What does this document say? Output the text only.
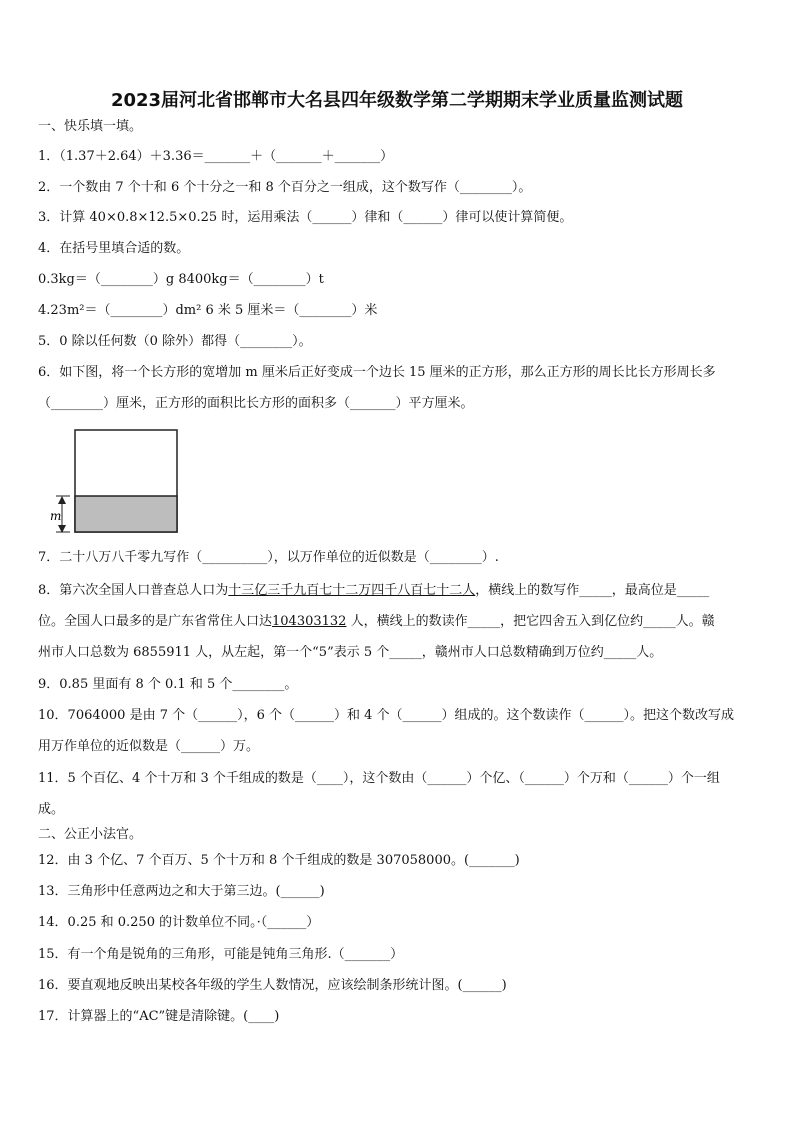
2023届河北省邯郸市大名县四年级数学第二学期期末学业质量监测试题
一、快乐填一填。
1．（1.37＋2.64）＋3.36＝_______＋（_______＋_______）
2．一个数由 7 个十和 6 个十分之一和 8 个百分之一组成，这个数写作（________）。
3．计算 40×0.8×12.5×0.25 时，运用乘法（______）律和（______）律可以使计算简便。
4．在括号里填合适的数。
0.3kg＝（________）g 8400kg＝（________）t
4.23m²＝（________）dm² 6 米 5 厘米＝（________）米
5．0 除以任何数（0 除外）都得（________）。
6．如下图，将一个长方形的宽增加 m 厘米后正好变成一个边长 15 厘米的正方形，那么正方形的周长比长方形周长多
（________）厘米，正方形的面积比长方形的面积多（_______）平方厘米。
m
7．二十八万八千零九写作（__________），以万作单位的近似数是（________）.
8．第六次全国人口普查总人口为十三亿三千九百七十二万四千八百七十二人，横线上的数写作_____，最高位是_____
位。全国人口最多的是广东省常住人口达104303132 人，横线上的数读作_____，把它四舍五入到亿位约_____人。赣
州市人口总数为 6855911 人，从左起，第一个“5”表示 5 个_____，赣州市人口总数精确到万位约_____人。
9．0.85 里面有 8 个 0.1 和 5 个________。
10．7064000 是由 7 个（______），6 个（______）和 4 个（______）组成的。这个数读作（______）。把这个数改写成
用万作单位的近似数是（______）万。
11．5 个百亿、4 个十万和 3 个千组成的数是（____），这个数由（______）个亿、（______）个万和（______）个一组
成。
二、公正小法官。
12．由 3 个亿、7 个百万、5 个十万和 8 个千组成的数是 307058000。(_______)
13．三角形中任意两边之和大于第三边。(______)
14．0.25 和 0.250 的计数单位不同。·（______）
15．有一个角是锐角的三角形，可能是钝角三角形.（_______）
16．要直观地反映出某校各年级的学生人数情况，应该绘制条形统计图。(______)
17．计算器上的“AC”键是清除键。(____)
